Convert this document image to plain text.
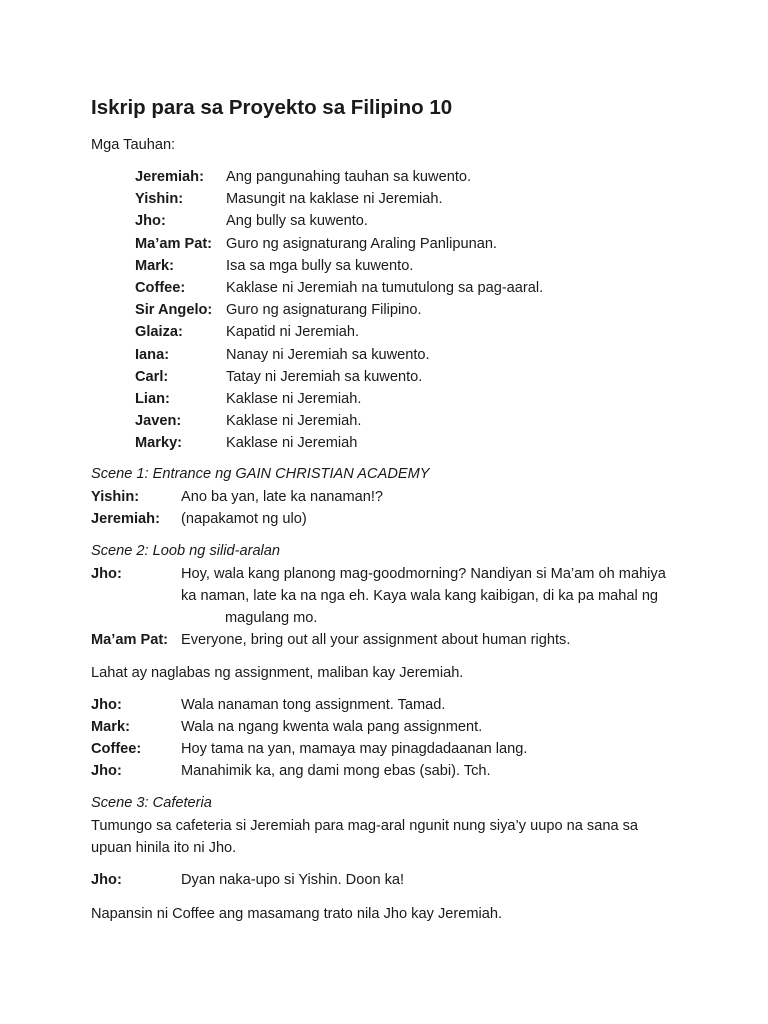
Iskrip para sa Proyekto sa Filipino 10
Mga Tauhan:
Jeremiah:	Ang pangunahing tauhan sa kuwento.
Yishin:	Masungit na kaklase ni Jeremiah.
Jho:	Ang bully sa kuwento.
Ma’am Pat: Guro ng asignaturang Araling Panlipunan.
Mark:	Isa sa mga bully sa kuwento.
Coffee:	Kaklase ni Jeremiah na tumutulong sa pag-aaral.
Sir Angelo: Guro ng asignaturang Filipino.
Glaiza:	Kapatid ni Jeremiah.
Iana:	Nanay ni Jeremiah sa kuwento.
Carl:	Tatay ni Jeremiah sa kuwento.
Lian:	Kaklase ni Jeremiah.
Javen:	Kaklase ni Jeremiah.
Marky:	Kaklase ni Jeremiah
Scene 1: Entrance ng GAIN CHRISTIAN ACADEMY
Yishin:	Ano ba yan, late ka nanaman!?
Jeremiah:	(napakamot ng ulo)
Scene 2: Loob ng silid-aralan
Jho:	Hoy, wala kang planong mag-goodmorning? Nandiyan si Ma’am oh mahiya
ka naman, late ka na nga eh. Kaya wala kang kaibigan, di ka pa mahal ng
magulang mo.
Ma’am Pat: Everyone, bring out all your assignment about human rights.
Lahat ay naglabas ng assignment, maliban kay Jeremiah.
Jho:	Wala nanaman tong assignment. Tamad.
Mark:	Wala na ngang kwenta wala pang assignment.
Coffee:	Hoy tama na yan, mamaya may pinagdadaanan lang.
Jho:	Manahimik ka, ang dami mong ebas (sabi). Tch.
Scene 3: Cafeteria
Tumungo sa cafeteria si Jeremiah para mag-aral ngunit nung siya’y uupo na sana sa
upuan hinila ito ni Jho.
Jho:	Dyan naka-upo si Yishin. Doon ka!
Napansin ni Coffee ang masamang trato nila Jho kay Jeremiah.
